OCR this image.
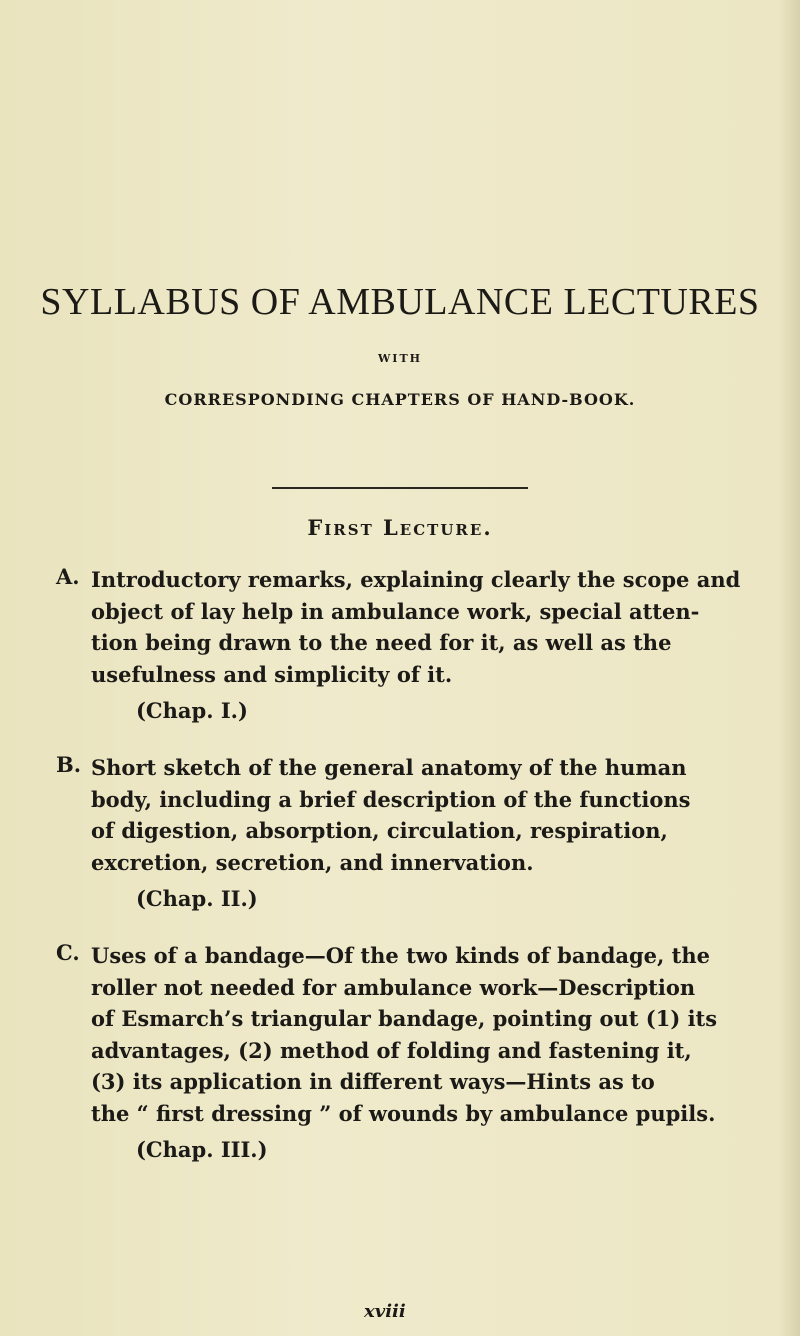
SYLLABUS OF AMBULANCE LECTURES
WITH
CORRESPONDING CHAPTERS OF HAND-BOOK.
First Lecture.
A. Introductory remarks, explaining clearly the scope and
object of lay help in ambulance work, special atten-
tion being drawn to the need for it, as well as the
usefulness and simplicity of it.
(Chap. I.)
B. Short sketch of the general anatomy of the human
body, including a brief description of the functions
of digestion, absorption, circulation, respiration,
excretion, secretion, and innervation.
(Chap. II.)
C. Uses of a bandage—Of the two kinds of bandage, the
roller not needed for ambulance work—Description
of Esmarch’s triangular bandage, pointing out (1) its
advantages, (2) method of folding and fastening it,
(3) its application in different ways—Hints as to
the “ first dressing ” of wounds by ambulance pupils.
(Chap. III.)
xviii
